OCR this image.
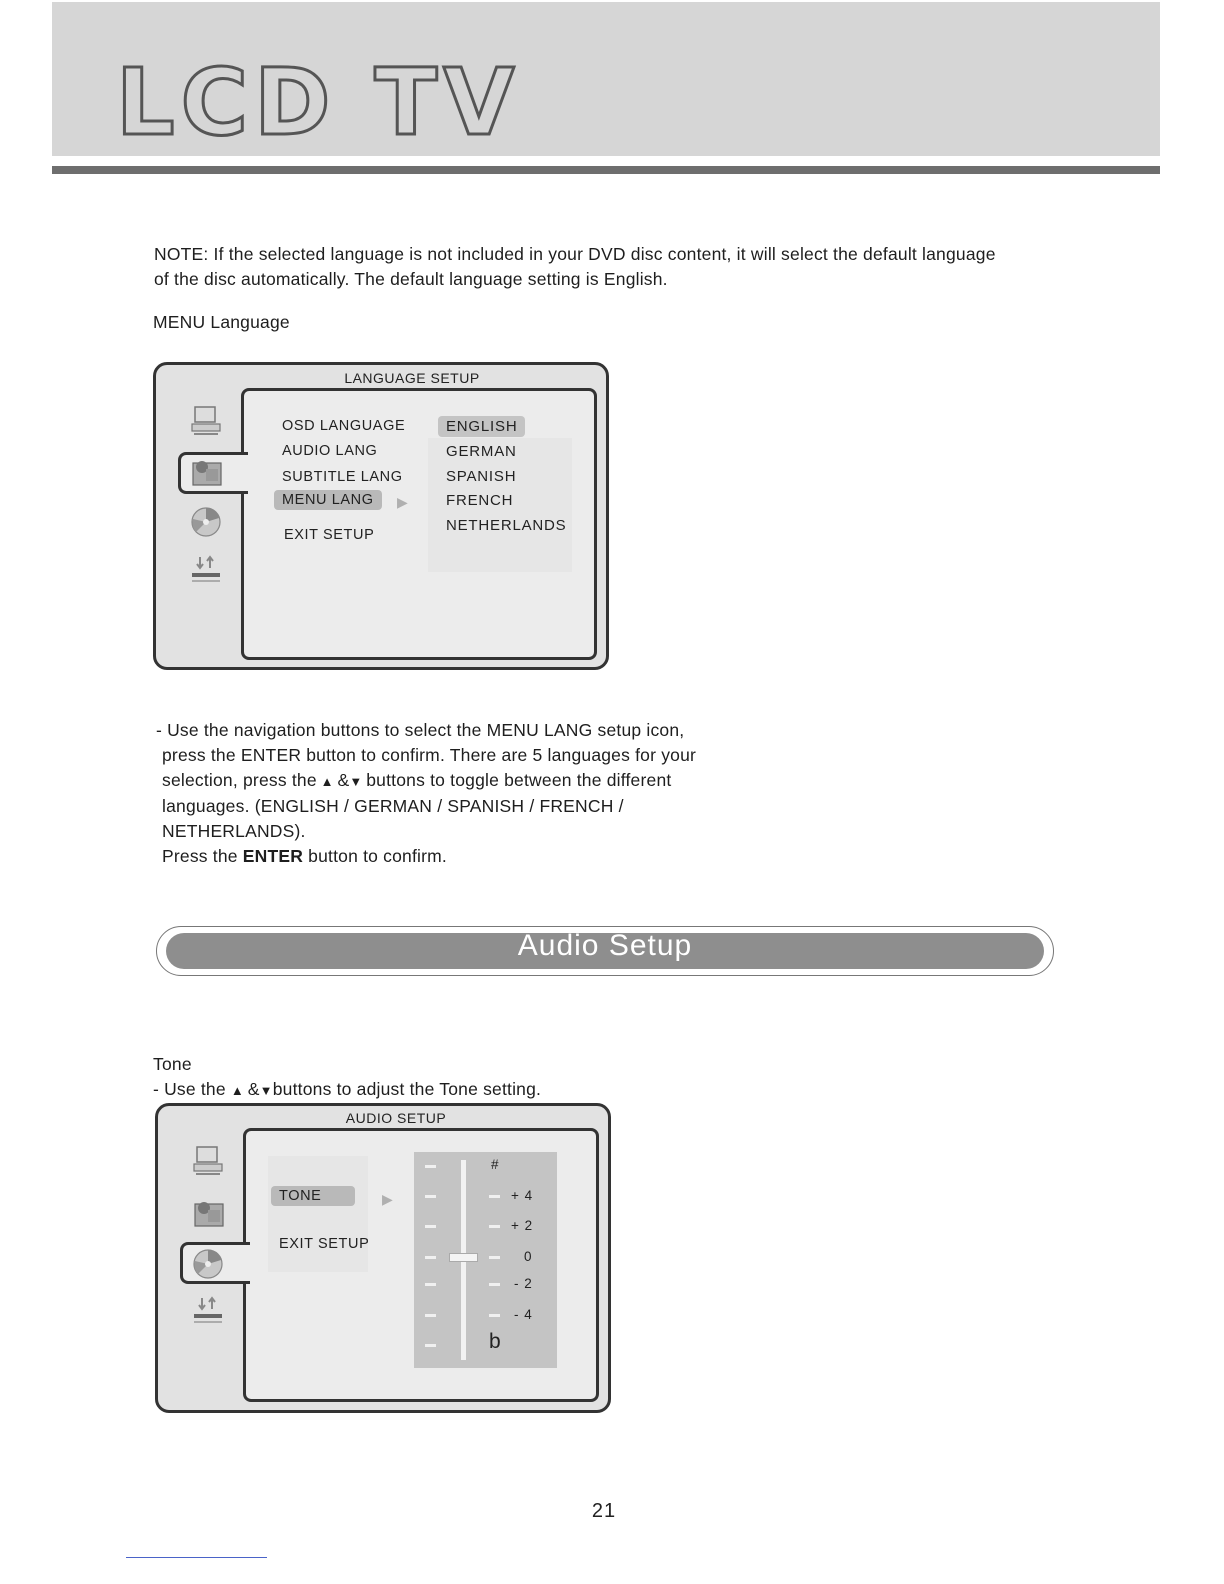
LCD TV

NOTE: If the selected language is not included in your DVD disc content, it will select the default language

of the disc automatically. The default language setting is English.

MENU Language
LANGUAGE SETUP
OSD LANGUAGE
AUDIO LANG
SUBTITLE LANG
MENU LANG	▶
EXIT SETUP
ENGLISH
GERMAN
SPANISH
FRENCH
NETHERLANDS

- Use the navigation buttons to select the MENU LANG setup icon,

press the ENTER button to confirm. There are 5 languages for your

selection, press the ▲ &▼ buttons to toggle between the different

languages. (ENGLISH / GERMAN / SPANISH / FRENCH /

NETHERLANDS).

Press the ENTER button to confirm.

Audio Setup

Tone

- Use the ▲ &▼buttons to adjust the Tone setting.

AUDIO SETUP
TONE	▶
EXIT SETUP
#
+ 4
+ 2
0
- 2
- 4
b
21
